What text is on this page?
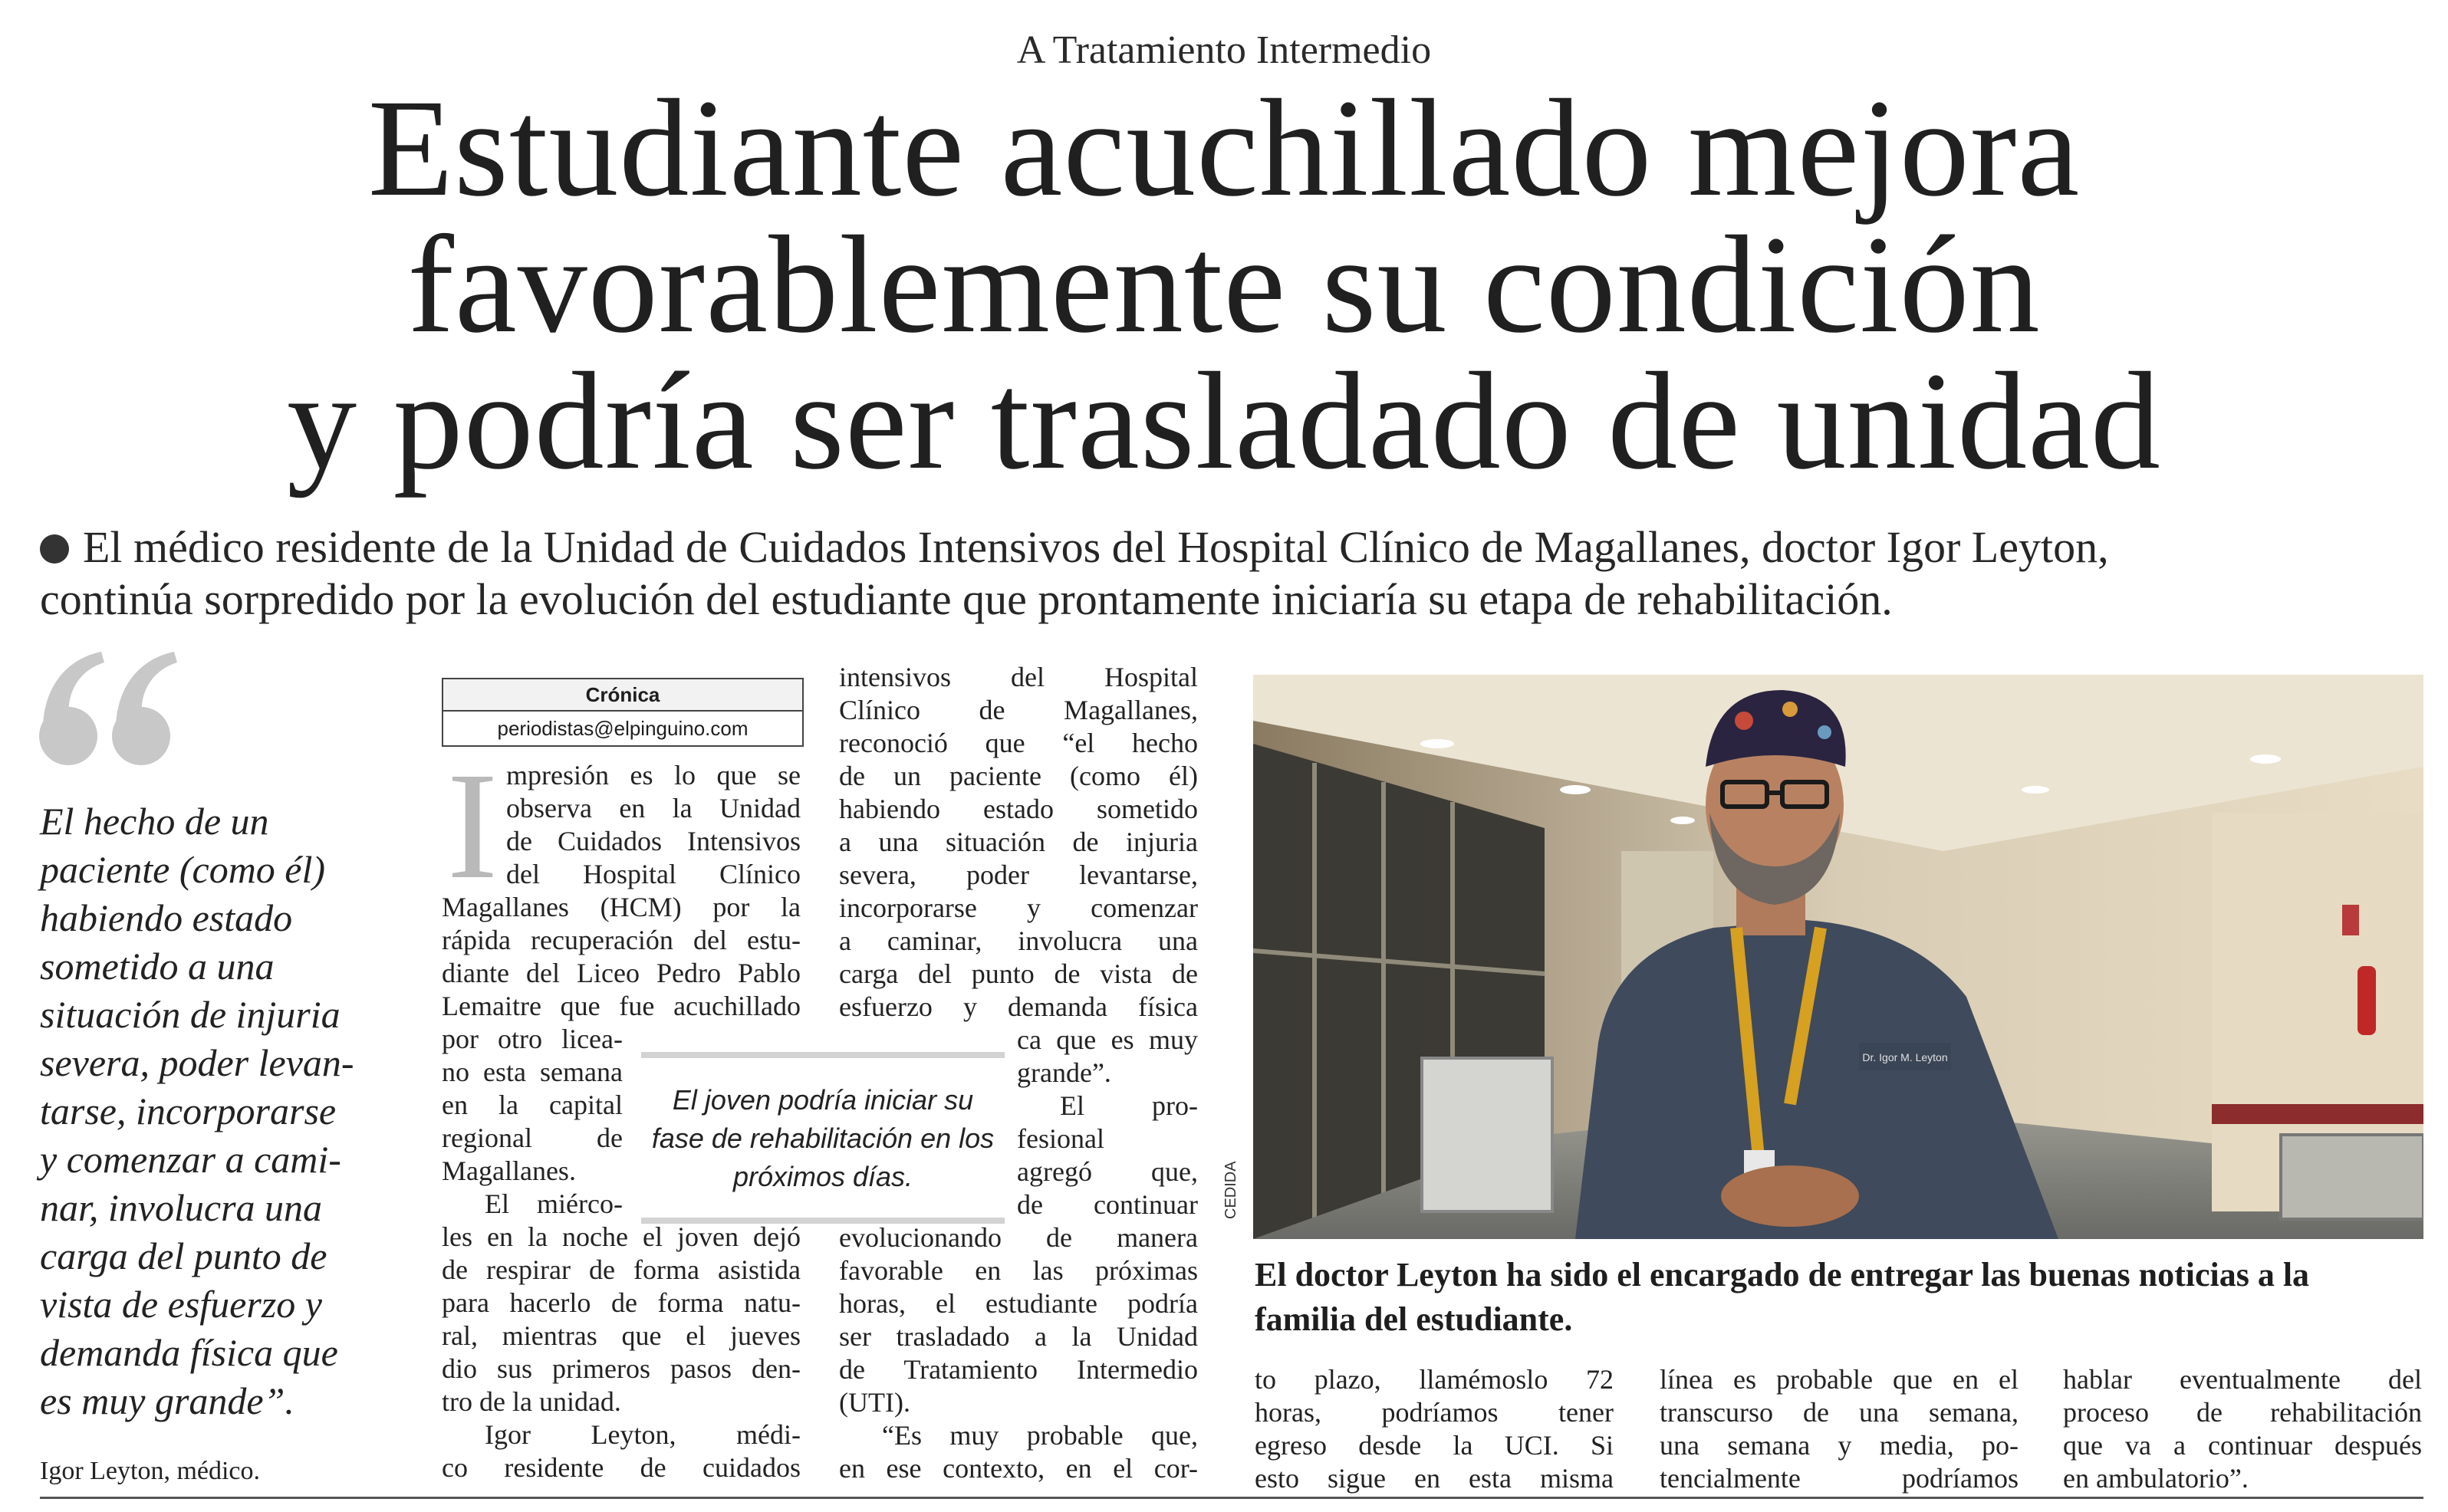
A Tratamiento Intermedio
Estudiante acuchillado mejora
favorablemente su condición
y podría ser trasladado de unidad
El médico residente de la Unidad de Cuidados Intensivos del Hospital Clínico de Magallanes, doctor Igor Leyton,
continúa sorpredido por la evolución del estudiante que prontamente iniciaría su etapa de rehabilitación.
El hecho de un
paciente (como él)
habiendo estado
sometido a una
situación de injuria
severa, poder levan-
tarse, incorporarse
y comenzar a cami-
nar, involucra una
carga del punto de
vista de esfuerzo y
demanda física que
es muy grande”.
Igor Leyton, médico.
Crónica
periodistas@elpinguino.com
I mpresión es lo que se
observa en la Unidad
de Cuidados Intensivos
del Hospital Clínico
Magallanes (HCM) por la
rápida recuperación del estu-
diante del Liceo Pedro Pablo
Lemaitre que fue acuchillado
por otro licea-
no esta semana
en la capital
regional de
Magallanes.
El miérco-
les en la noche el joven dejó
de respirar de forma asistida
para hacerlo de forma natu-
ral, mientras que el jueves
dio sus primeros pasos den-
tro de la unidad.
Igor Leyton, médi-
co residente de cuidados
intensivos del Hospital
Clínico de Magallanes,
reconoció que “el hecho
de un paciente (como él)
habiendo estado sometido
a una situación de injuria
severa, poder levantarse,
incorporarse y comenzar
a caminar, involucra una
carga del punto de vista de
esfuerzo y demanda física
ca que es muy
grande”.
El pro-
fesional
agregó que,
de continuar
evolucionando de manera
favorable en las próximas
horas, el estudiante podría
ser trasladado a la Unidad
de Tratamiento Intermedio
(UTI).
“Es muy probable que,
en ese contexto, en el cor-
El joven podría iniciar su
fase de rehabilitación en los
próximos días.
Dr. Igor M. Leyton
CEDIDA
El doctor Leyton ha sido el encargado de entregar las buenas noticias a la
familia del estudiante.
to plazo, llamémoslo 72
horas, podríamos tener
egreso desde la UCI. Si
esto sigue en esta misma
línea es probable que en el
transcurso de una semana,
una semana y media, po-
tencialmente podríamos
hablar eventualmente del
proceso de rehabilitación
que va a continuar después
en ambulatorio”.
